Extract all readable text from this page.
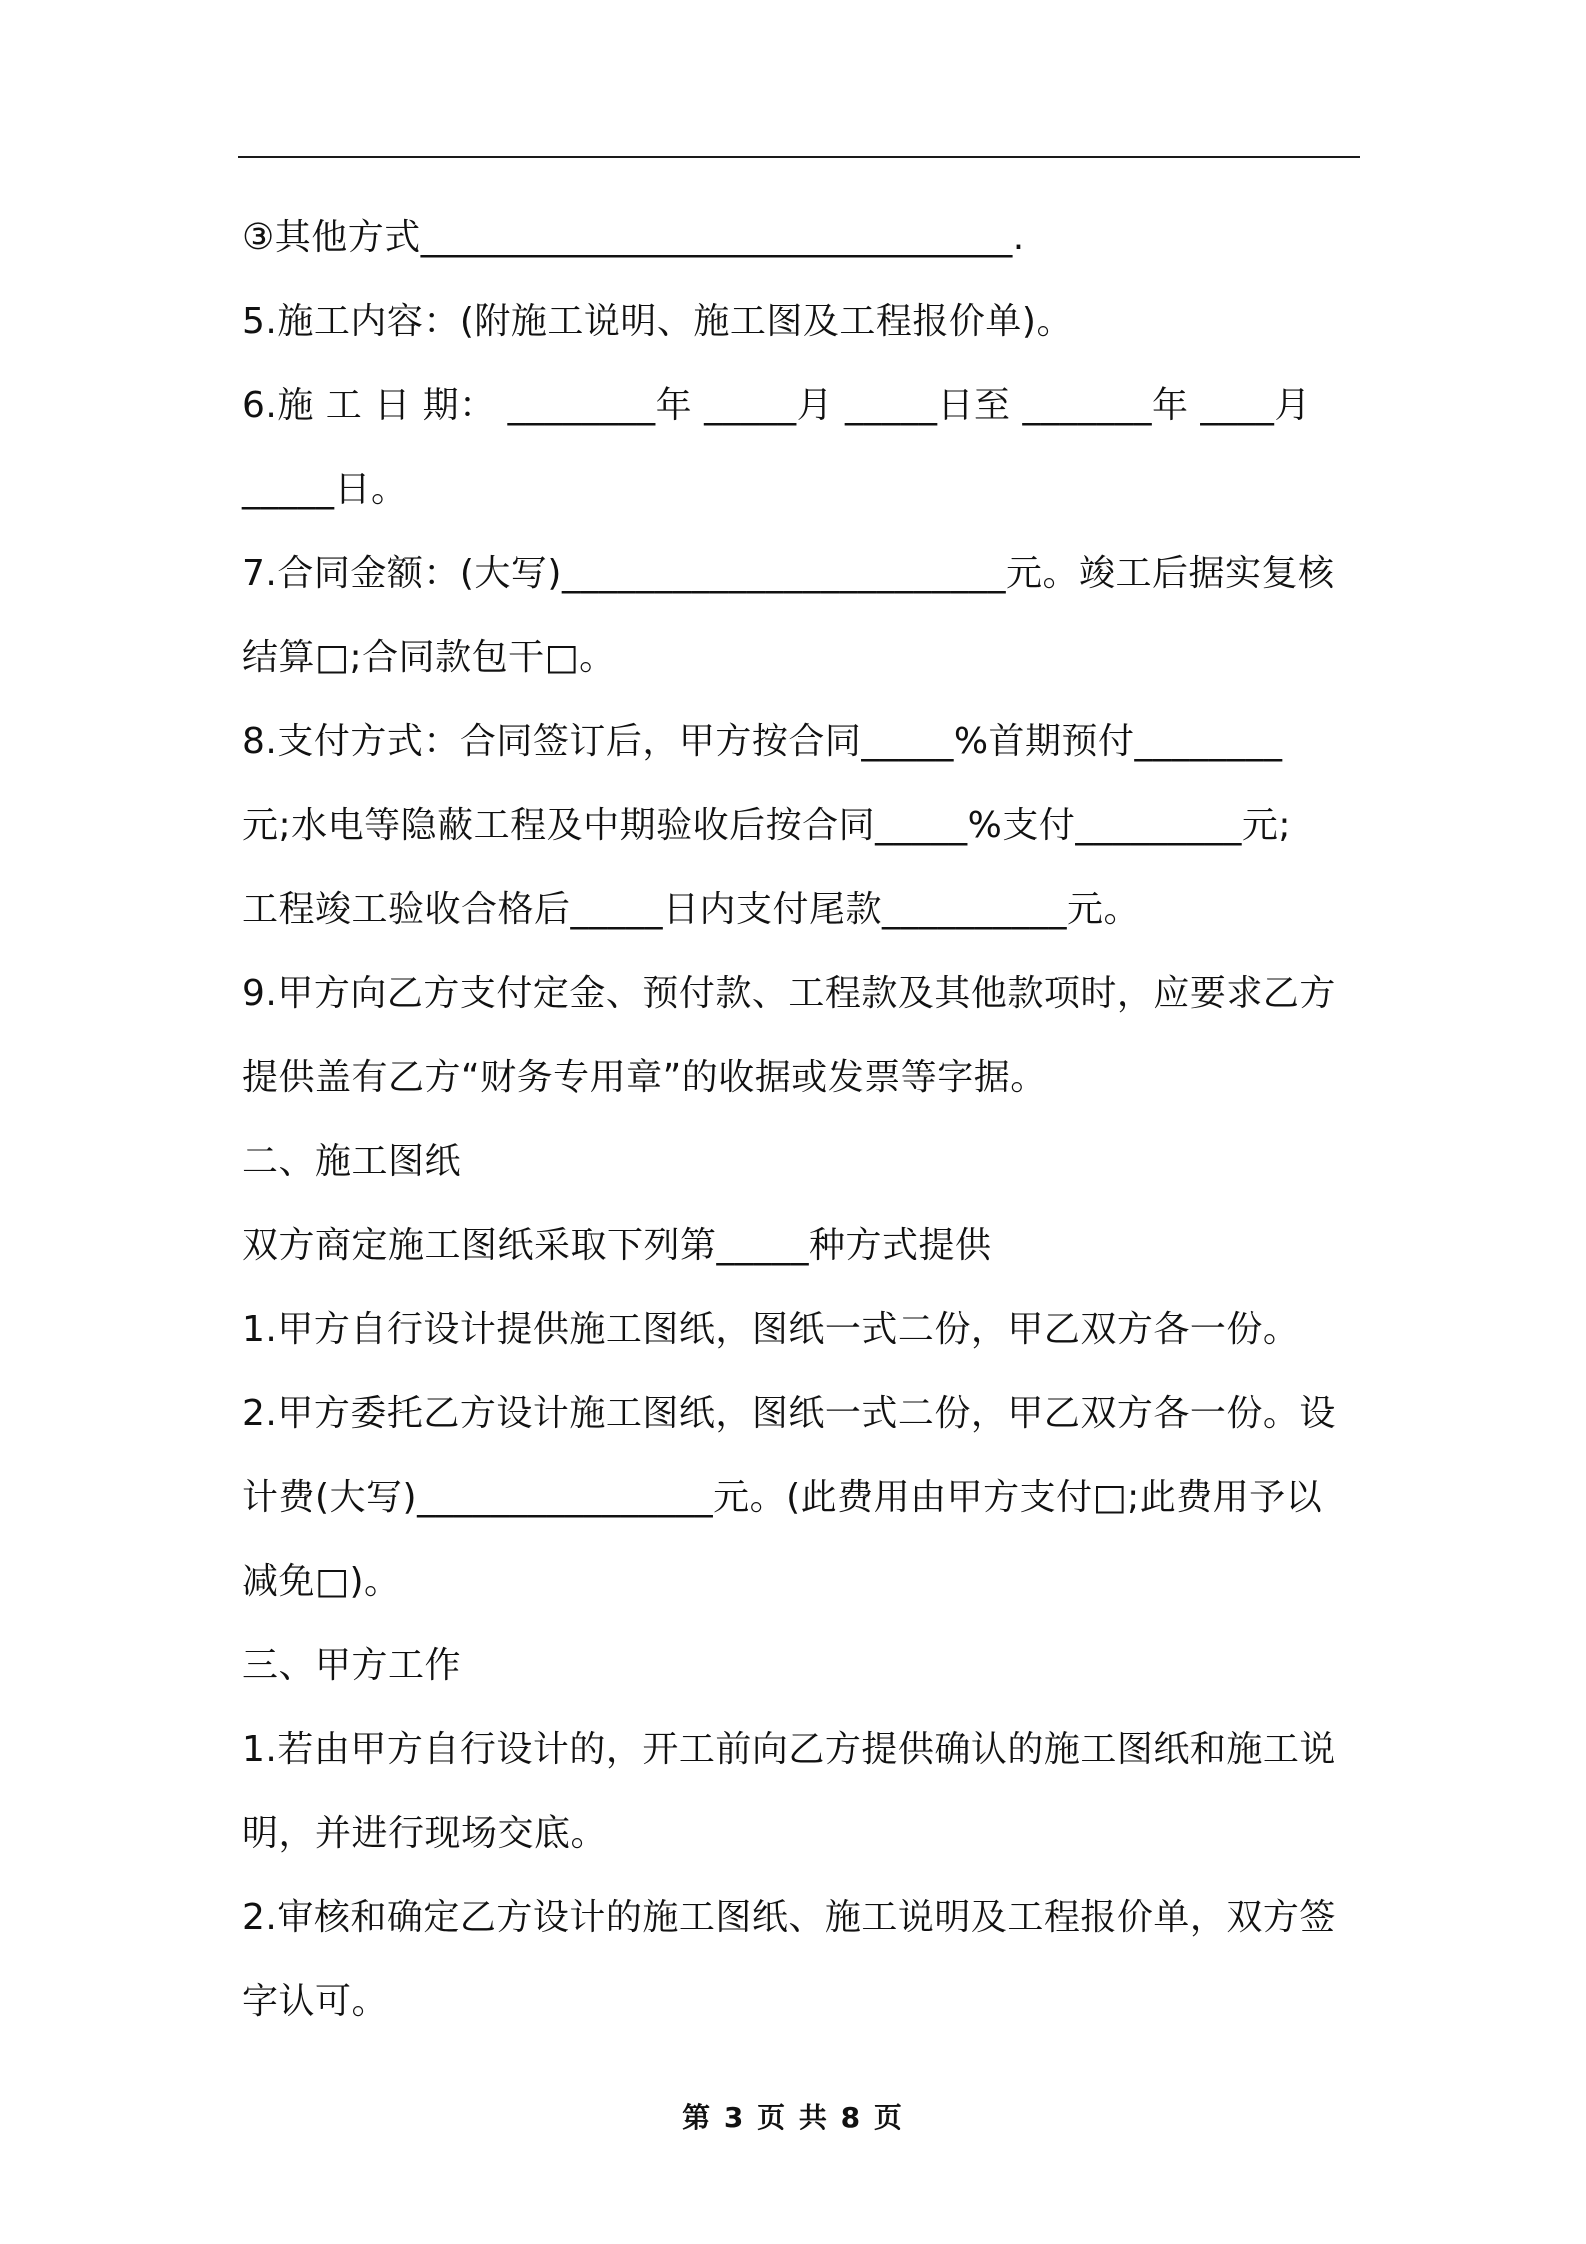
③其他方式________________________________.
5.施工内容：(附施工说明、施工图及工程报价单)。
6.施 工 日 期： ________年 _____月 _____日至 _______年 ____月
_____日。
7.合同金额：(大写)________________________元。竣工后据实复核
结算□;合同款包干□。
8.支付方式：合同签订后，甲方按合同_____%首期预付________
元;水电等隐蔽工程及中期验收后按合同_____%支付_________元;
工程竣工验收合格后_____日内支付尾款__________元。
9.甲方向乙方支付定金、预付款、工程款及其他款项时，应要求乙方
提供盖有乙方“财务专用章”的收据或发票等字据。
二、施工图纸
双方商定施工图纸采取下列第_____种方式提供
1.甲方自行设计提供施工图纸，图纸一式二份，甲乙双方各一份。
2.甲方委托乙方设计施工图纸，图纸一式二份，甲乙双方各一份。设
计费(大写)________________元。(此费用由甲方支付□;此费用予以
减免□)。
三、甲方工作
1.若由甲方自行设计的，开工前向乙方提供确认的施工图纸和施工说
明，并进行现场交底。
2.审核和确定乙方设计的施工图纸、施工说明及工程报价单，双方签
字认可。
第 3 页 共 8 页
